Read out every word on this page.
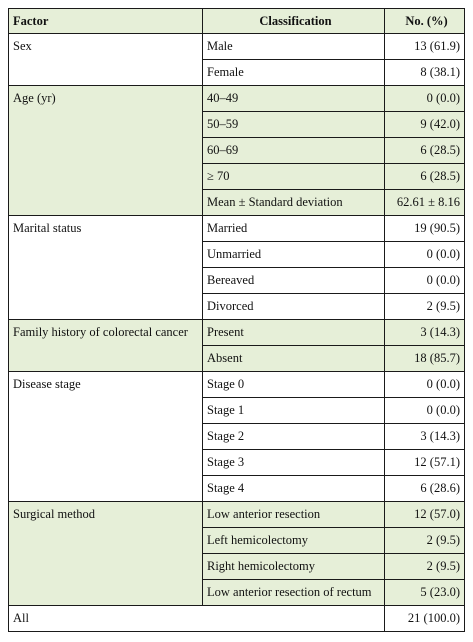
Factor	Classification	No. (%)
Sex	Male	13 (61.9)
	Female	8 (38.1)
Age (yr)	40–49	0 (0.0)
	50–59	9 (42.0)
	60–69	6 (28.5)
	≥ 70	6 (28.5)
	Mean ± Standard deviation	62.61 ± 8.16
Marital status	Married	19 (90.5)
	Unmarried	0 (0.0)
	Bereaved	0 (0.0)
	Divorced	2 (9.5)
Family history of colorectal cancer	Present	3 (14.3)
	Absent	18 (85.7)
Disease stage	Stage 0	0 (0.0)
	Stage 1	0 (0.0)
	Stage 2	3 (14.3)
	Stage 3	12 (57.1)
	Stage 4	6 (28.6)
Surgical method	Low anterior resection	12 (57.0)
	Left hemicolectomy	2 (9.5)
	Right hemicolectomy	2 (9.5)
	Low anterior resection of rectum	5 (23.0)
All		21 (100.0)
